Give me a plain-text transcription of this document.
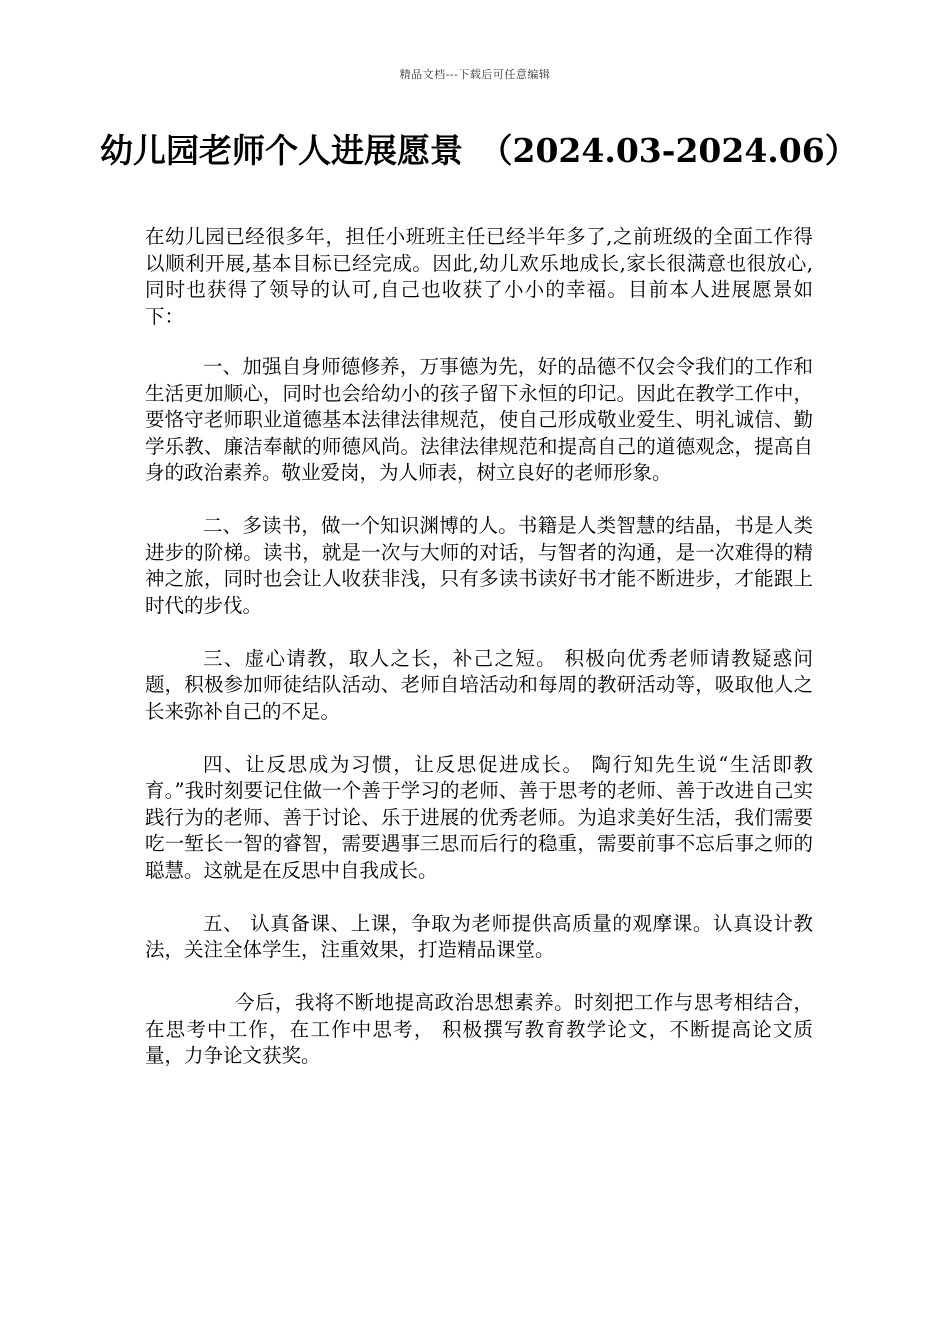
精品文档---下载后可任意编辑
幼儿园老师个人进展愿景　（2024.03-2024.06）

在幼儿园已经很多年，担任小班班主任已经半年多了,之前班级的全面工作得以顺利开展,基本目标已经完成。因此,幼儿欢乐地成长,家长很满意也很放心,同时也获得了领导的认可,自己也收获了小小的幸福。目前本人进展愿景如下：

一、加强自身师德修养，万事德为先，好的品德不仅会令我们的工作和生活更加顺心，同时也会给幼小的孩子留下永恒的印记。因此在教学工作中，要恪守老师职业道德基本法律法律规范，使自己形成敬业爱生、明礼诚信、勤学乐教、廉洁奉献的师德风尚。法律法律规范和提高自己的道德观念，提高自身的政治素养。敬业爱岗，为人师表，树立良好的老师形象。

二、多读书，做一个知识渊博的人。书籍是人类智慧的结晶，书是人类进步的阶梯。读书，就是一次与大师的对话，与智者的沟通，是一次难得的精神之旅，同时也会让人收获非浅，只有多读书读好书才能不断进步，才能跟上时代的步伐。

三、虚心请教，取人之长，补己之短。 积极向优秀老师请教疑惑问题，积极参加师徒结队活动、老师自培活动和每周的教研活动等，吸取他人之长来弥补自己的不足。

四、让反思成为习惯，让反思促进成长。 陶行知先生说“生活即教育。”我时刻要记住做一个善于学习的老师、善于思考的老师、善于改进自己实践行为的老师、善于讨论、乐于进展的优秀老师。为追求美好生活，我们需要吃一堑长一智的睿智，需要遇事三思而后行的稳重，需要前事不忘后事之师的聪慧。这就是在反思中自我成长。

五、 认真备课、上课，争取为老师提供高质量的观摩课。认真设计教法，关注全体学生，注重效果，打造精品课堂。

今后，我将不断地提高政治思想素养。时刻把工作与思考相结合，在思考中工作，在工作中思考， 积极撰写教育教学论文，不断提高论文质量，力争论文获奖。
